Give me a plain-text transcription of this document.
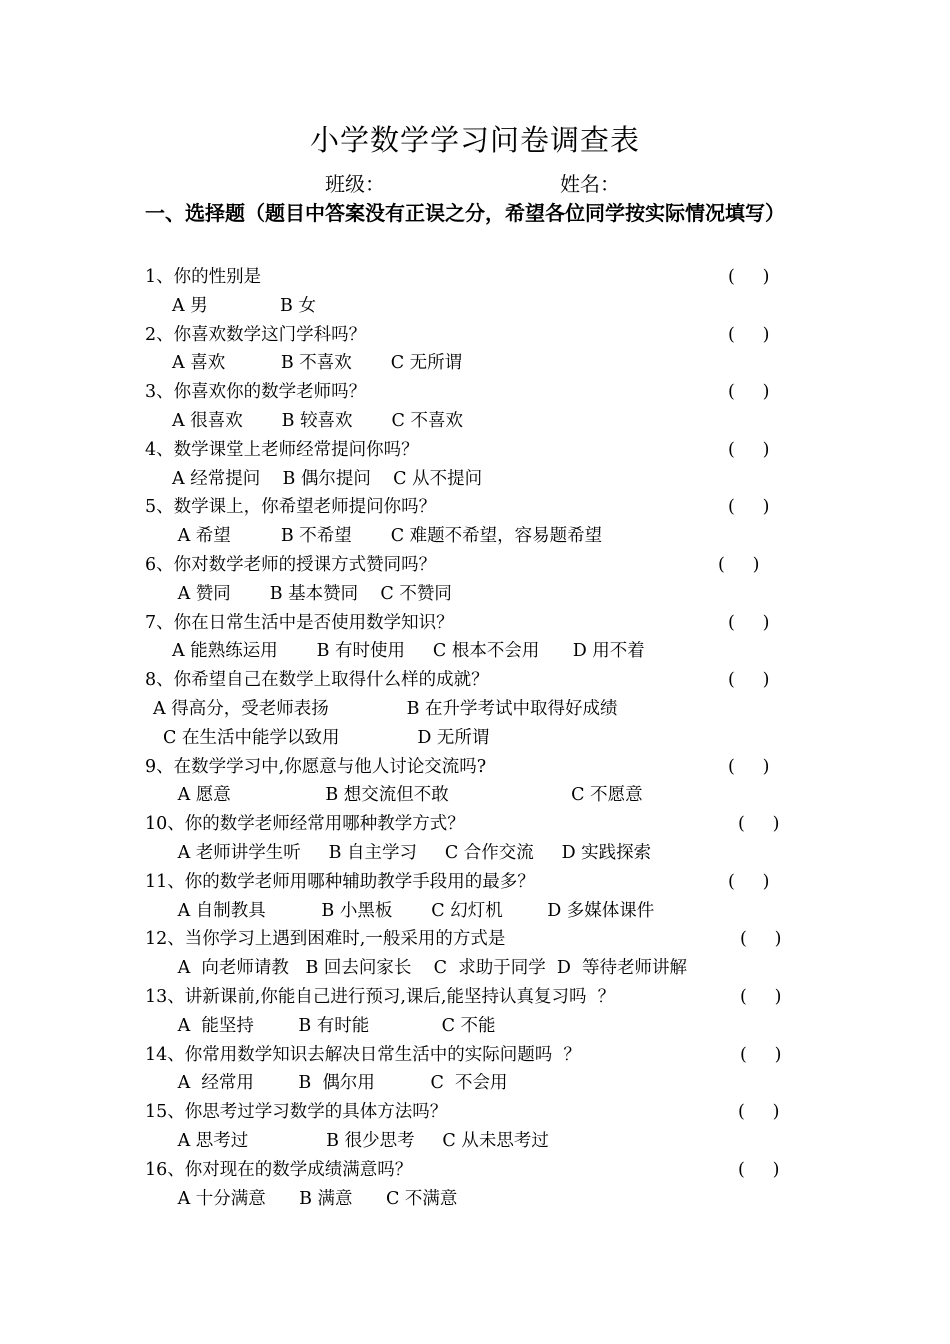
小学数学学习问卷调查表
班级：	姓名：
一、选择题（题目中答案没有正误之分，希望各位同学按实际情况填写）
1、你的性别是	(     )
A 男             B 女
2、你喜欢数学这门学科吗？	(     )
A 喜欢          B 不喜欢       C 无所谓
3、你喜欢你的数学老师吗？	(     )
A 很喜欢       B 较喜欢       C 不喜欢
4、数学课堂上老师经常提问你吗？	(     )
A 经常提问    B 偶尔提问    C 从不提问
5、数学课上，你希望老师提问你吗？	(     )
A 希望         B 不希望       C 难题不希望，容易题希望
6、你对数学老师的授课方式赞同吗？	(     )
A 赞同       B 基本赞同    C 不赞同
7、你在日常生活中是否使用数学知识？	(     )
A 能熟练运用       B 有时使用     C 根本不会用      D 用不着
8、你希望自己在数学上取得什么样的成就？	(     )
A 得高分，受老师表扬              B 在升学考试中取得好成绩
C 在生活中能学以致用              D 无所谓
9、在数学学习中,你愿意与他人讨论交流吗?	(     )
A 愿意                 B 想交流但不敢                      C 不愿意
10、你的数学老师经常用哪种教学方式？	(     )
A 老师讲学生听     B 自主学习     C 合作交流     D 实践探索
11、你的数学老师用哪种辅助教学手段用的最多？	(     )
A 自制教具          B 小黑板       C 幻灯机        D 多媒体课件
12、当你学习上遇到困难时,一般采用的方式是	(     )
A  向老师请教   B 回去问家长    C  求助于同学  D  等待老师讲解
13、讲新课前,你能自己进行预习,课后,能坚持认真复习吗  ？	(     )
A  能坚持        B 有时能             C 不能
14、你常用数学知识去解决日常生活中的实际问题吗  ？	(     )
A  经常用        B  偶尔用          C  不会用
15、你思考过学习数学的具体方法吗？	(     )
A 思考过              B 很少思考     C 从未思考过
16、你对现在的数学成绩满意吗？	(     )
A 十分满意      B 满意      C 不满意
